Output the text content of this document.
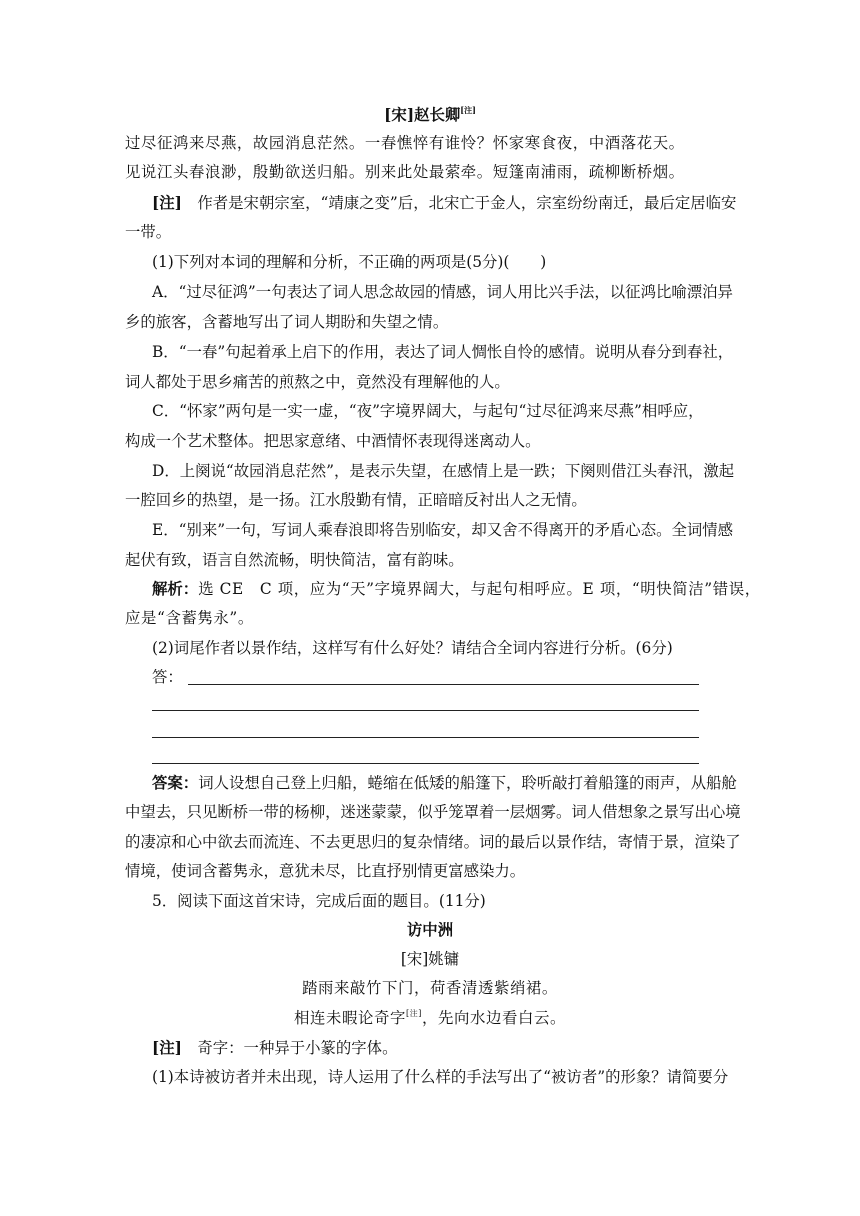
[宋]赵长卿[注]
过尽征鸿来尽燕，故园消息茫然。一春憔悴有谁怜？怀家寒食夜，中酒落花天。
见说江头春浪渺，殷勤欲送归船。别来此处最萦牵。短篷南浦雨，疏柳断桥烟。
[注]　 作者是宋朝宗室，“靖康之变”后，北宋亡于金人，宗室纷纷南迁，最后定居临安
一带。
(1)下列对本词的理解和分析，不正确的两项是(5分)(　　)
A．“过尽征鸿”一句表达了词人思念故园的情感，词人用比兴手法，以征鸿比喻漂泊异
乡的旅客，含蓄地写出了词人期盼和失望之情。
B．“一春”句起着承上启下的作用，表达了词人惆怅自怜的感情。说明从春分到春社，
词人都处于思乡痛苦的煎熬之中，竟然没有理解他的人。
C．“怀家”两句是一实一虚，“夜”字境界阔大，与起句“过尽征鸿来尽燕”相呼应，
构成一个艺术整体。把思家意绪、中酒情怀表现得迷离动人。
D．上阕说“故园消息茫然”，是表示失望，在感情上是一跌；下阕则借江头春汛，激起
一腔回乡的热望，是一扬。江水殷勤有情，正暗暗反衬出人之无情。
E．“别来”一句，写词人乘春浪即将告别临安，却又舍不得离开的矛盾心态。全词情感
起伏有致，语言自然流畅，明快简洁，富有韵味。
解析：选 CE　C 项，应为“天”字境界阔大，与起句相呼应。E 项，“明快简洁”错误，
应是“含蓄隽永”。
(2)词尾作者以景作结，这样写有什么好处？请结合全词内容进行分析。(6分)
答：
答案：词人设想自己登上归船，蜷缩在低矮的船篷下，聆听敲打着船篷的雨声，从船舱
中望去，只见断桥一带的杨柳，迷迷蒙蒙，似乎笼罩着一层烟雾。词人借想象之景写出心境
的凄凉和心中欲去而流连、不去更思归的复杂情绪。词的最后以景作结，寄情于景，渲染了
情境，使词含蓄隽永，意犹未尽，比直抒别情更富感染力。
5．阅读下面这首宋诗，完成后面的题目。(11分)
访中洲
[宋]姚镛
踏雨来敲竹下门，荷香清透紫绡裙。
相连未暇论奇字[注]，先向水边看白云。
[注]　 奇字：一种异于小篆的字体。
(1)本诗被访者并未出现，诗人运用了什么样的手法写出了“被访者”的形象？请简要分
